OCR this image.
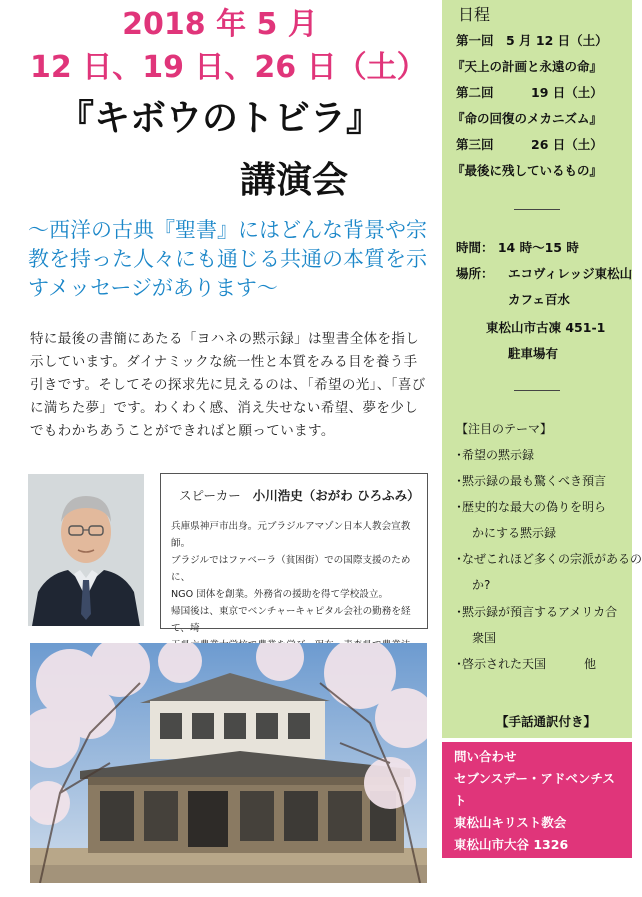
2018 年 5 月
12 日、19 日、26 日（土）
『キボウのトビラ』
講演会
～西洋の古典『聖書』にはどんな背景や宗教を持った人々にも通じる共通の本質を示すメッセージがあります～
特に最後の書簡にあたる「ヨハネの黙示録」は聖書全体を指し示しています。ダイナミックな統一性と本質をみる目を養う手引きです。そしてその探求先に見えるのは、「希望の光」、「喜びに満ちた夢」です。わくわく感、消え失せない希望、夢を少しでもわかちあうことができればと願っています。
スピーカー 小川浩史（おがわ ひろふみ）
兵庫県神戸市出身。元ブラジルアマゾン日本人教会宣教師。
ブラジルではファベーラ（貧困街）での国際支援のために、
NGO 団体を創業。外務省の援助を得て学校設立。
帰国後は、東京でベンチャーキャピタル会社の勤務を経て、埼
日程
第一回　5 月 12 日（土）
『天上の計画と永遠の命』
第二回　　　19 日（土）
『命の回復のメカニズム』
第三回　　　26 日（土）
『最後に残しているもの』
時間： 14 時～15 時
場所： エコヴィレッジ東松山
カフェ百水
東松山市古凍 451-1
駐車場有
【注目のテーマ】
･希望の黙示録
･黙示録の最も驚くべき預言
･歴史的な最大の偽りを明ら
かにする黙示録
･なぜこれほど多くの宗派があるの
か?
･黙示録が預言するアメリカ合
衆国
･啓示された天国	他
【手話通訳付き】
問い合わせ
セブンスデー・アドベンチスト
東松山キリスト教会
東松山市大谷 1326
0493-24-7673
